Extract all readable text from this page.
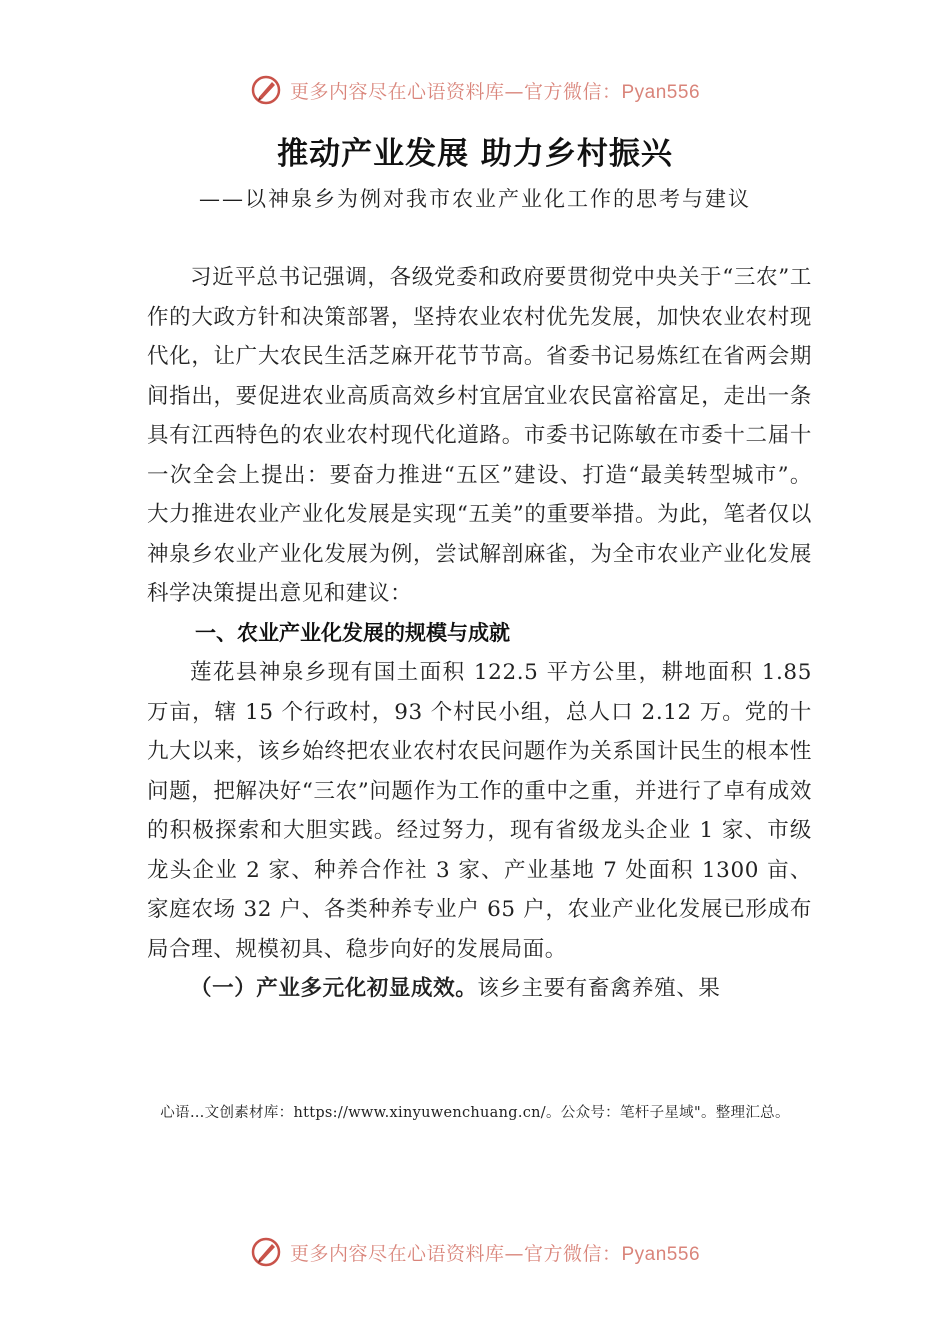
更多内容尽在心语资料库—官方微信：Pyan556
推动产业发展 助力乡村振兴
——以神泉乡为例对我市农业产业化工作的思考与建议

习近平总书记强调，各级党委和政府要贯彻党中央关于“三农”工作的大政方针和决策部署，坚持农业农村优先发展，加快农业农村现代化，让广大农民生活芝麻开花节节高。省委书记易炼红在省两会期间指出，要促进农业高质高效乡村宜居宜业农民富裕富足，走出一条具有江西特色的农业农村现代化道路。市委书记陈敏在市委十二届十一次全会上提出：要奋力推进“五区”建设、打造“最美转型城市”。大力推进农业产业化发展是实现“五美”的重要举措。为此，笔者仅以神泉乡农业产业化发展为例，尝试解剖麻雀，为全市农业产业化发展科学决策提出意见和建议：

一、农业产业化发展的规模与成就

莲花县神泉乡现有国土面积 122.5 平方公里，耕地面积 1.85 万亩，辖 15 个行政村，93 个村民小组，总人口 2.12 万。党的十九大以来，该乡始终把农业农村农民问题作为关系国计民生的根本性问题，把解决好“三农”问题作为工作的重中之重，并进行了卓有成效的积极探索和大胆实践。经过努力，现有省级龙头企业 1 家、市级龙头企业 2 家、种养合作社 3 家、产业基地 7 处面积 1300 亩、家庭农场 32 户、各类种养专业户 65 户，农业产业化发展已形成布局合理、规模初具、稳步向好的发展局面。

（一）产业多元化初显成效。该乡主要有畜禽养殖、果

心语…文创素材库：https://www.xinyuwenchuang.cn/。公众号：笔杆子星域"。整理汇总。
更多内容尽在心语资料库—官方微信：Pyan556
